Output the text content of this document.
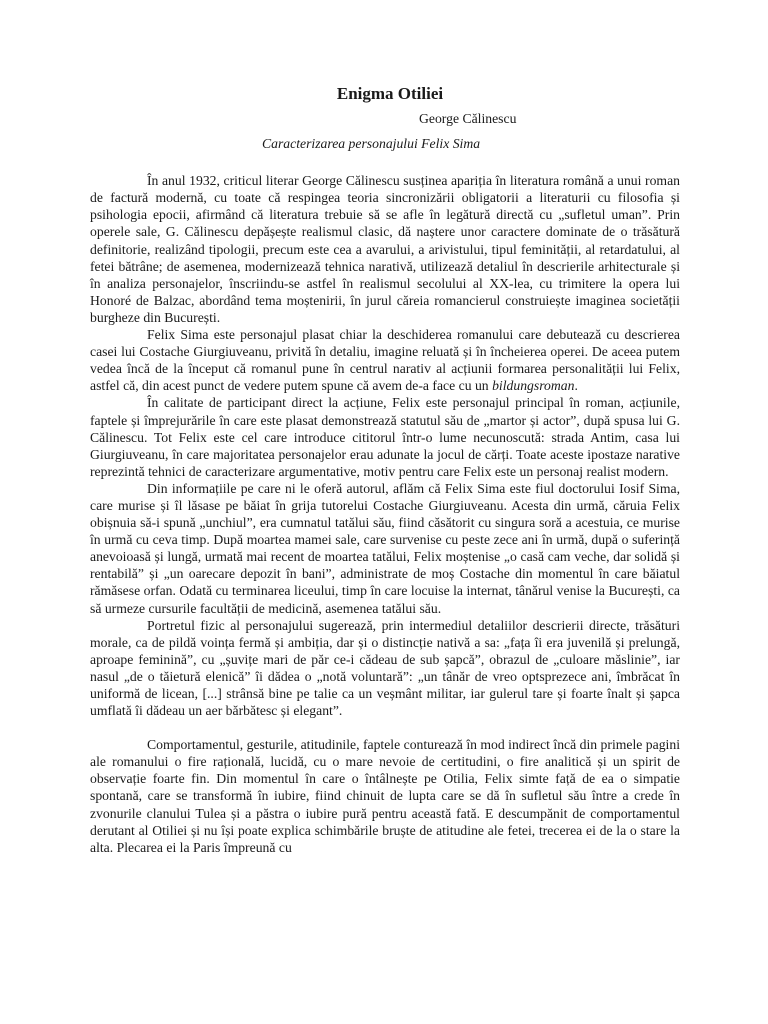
Enigma Otiliei
George Călinescu
Caracterizarea personajului Felix Sima

În anul 1932, criticul literar George Călinescu susținea apariția în literatura română a unui roman de factură modernă, cu toate că respingea teoria sincronizării obligatorii a literaturii cu filosofia și psihologia epocii, afirmând că literatura trebuie să se afle în legătură directă cu „sufletul uman”. Prin operele sale, G. Călinescu depășește realismul clasic, dă naștere unor caractere dominate de o trăsătură definitorie, realizând tipologii, precum este cea a avarului, a arivistului, tipul feminității, al retardatului, al fetei bătrâne; de asemenea, modernizează tehnica narativă, utilizează detaliul în descrierile arhitecturale și în analiza personajelor, înscriindu-se astfel în realismul secolului al XX-lea, cu trimitere la opera lui Honoré de Balzac, abordând tema moștenirii, în jurul căreia romancierul construiește imaginea societății burgheze din București.

Felix Sima este personajul plasat chiar la deschiderea romanului care debutează cu descrierea casei lui Costache Giurgiuveanu, privită în detaliu, imagine reluată și în încheierea operei. De aceea putem vedea încă de la început că romanul pune în centrul narativ al acțiunii formarea personalității lui Felix, astfel că, din acest punct de vedere putem spune că avem de-a face cu un bildungsroman.

În calitate de participant direct la acțiune, Felix este personajul principal în roman, acțiunile, faptele și împrejurările în care este plasat demonstrează statutul său de „martor și actor”, după spusa lui G. Călinescu. Tot Felix este cel care introduce cititorul într-o lume necunoscută: strada Antim, casa lui Giurgiuveanu, în care majoritatea personajelor erau adunate la jocul de cărți. Toate aceste ipostaze narative reprezintă tehnici de caracterizare argumentative, motiv pentru care Felix este un personaj realist modern.

Din informațiile pe care ni le oferă autorul, aflăm că Felix Sima este fiul doctorului Iosif Sima, care murise și îl lăsase pe băiat în grija tutorelui Costache Giurgiuveanu. Acesta din urmă, căruia Felix obișnuia să-i spună „unchiul”, era cumnatul tatălui său, fiind căsătorit cu singura soră a acestuia, ce murise în urmă cu ceva timp. După moartea mamei sale, care survenise cu peste zece ani în urmă, după o suferință anevoioasă și lungă, urmată mai recent de moartea tatălui, Felix moștenise „o casă cam veche, dar solidă și rentabilă” și „un oarecare depozit în bani”, administrate de moș Costache din momentul în care băiatul rămăsese orfan. Odată cu terminarea liceului, timp în care locuise la internat, tânărul venise la București, ca să urmeze cursurile facultății de medicină, asemenea tatălui său.

Portretul fizic al personajului sugerează, prin intermediul detaliilor descrierii directe, trăsături morale, ca de pildă voința fermă și ambiția, dar și o distincție nativă a sa: „fața îi era juvenilă și prelungă, aproape feminină”, cu „șuvițe mari de păr ce-i cădeau de sub șapcă”, obrazul de „culoare măslinie”, iar nasul „de o tăietură elenică” îi dădea o „notă voluntară”: „un tânăr de vreo optsprezece ani, îmbrăcat în uniformă de licean, [...] strânsă bine pe talie ca un veșmânt militar, iar gulerul tare și foarte înalt și șapca umflată îi dădeau un aer bărbătesc și elegant”.

Comportamentul, gesturile, atitudinile, faptele conturează în mod indirect încă din primele pagini ale romanului o fire rațională, lucidă, cu o mare nevoie de certitudini, o fire analitică și un spirit de observație foarte fin. Din momentul în care o întâlnește pe Otilia, Felix simte față de ea o simpatie spontană, care se transformă în iubire, fiind chinuit de lupta care se dă în sufletul său între a crede în zvonurile clanului Tulea și a păstra o iubire pură pentru această fată. E descumpănit de comportamentul derutant al Otiliei și nu își poate explica schimbările bruște de atitudine ale fetei, trecerea ei de la o stare la alta. Plecarea ei la Paris împreună cu
